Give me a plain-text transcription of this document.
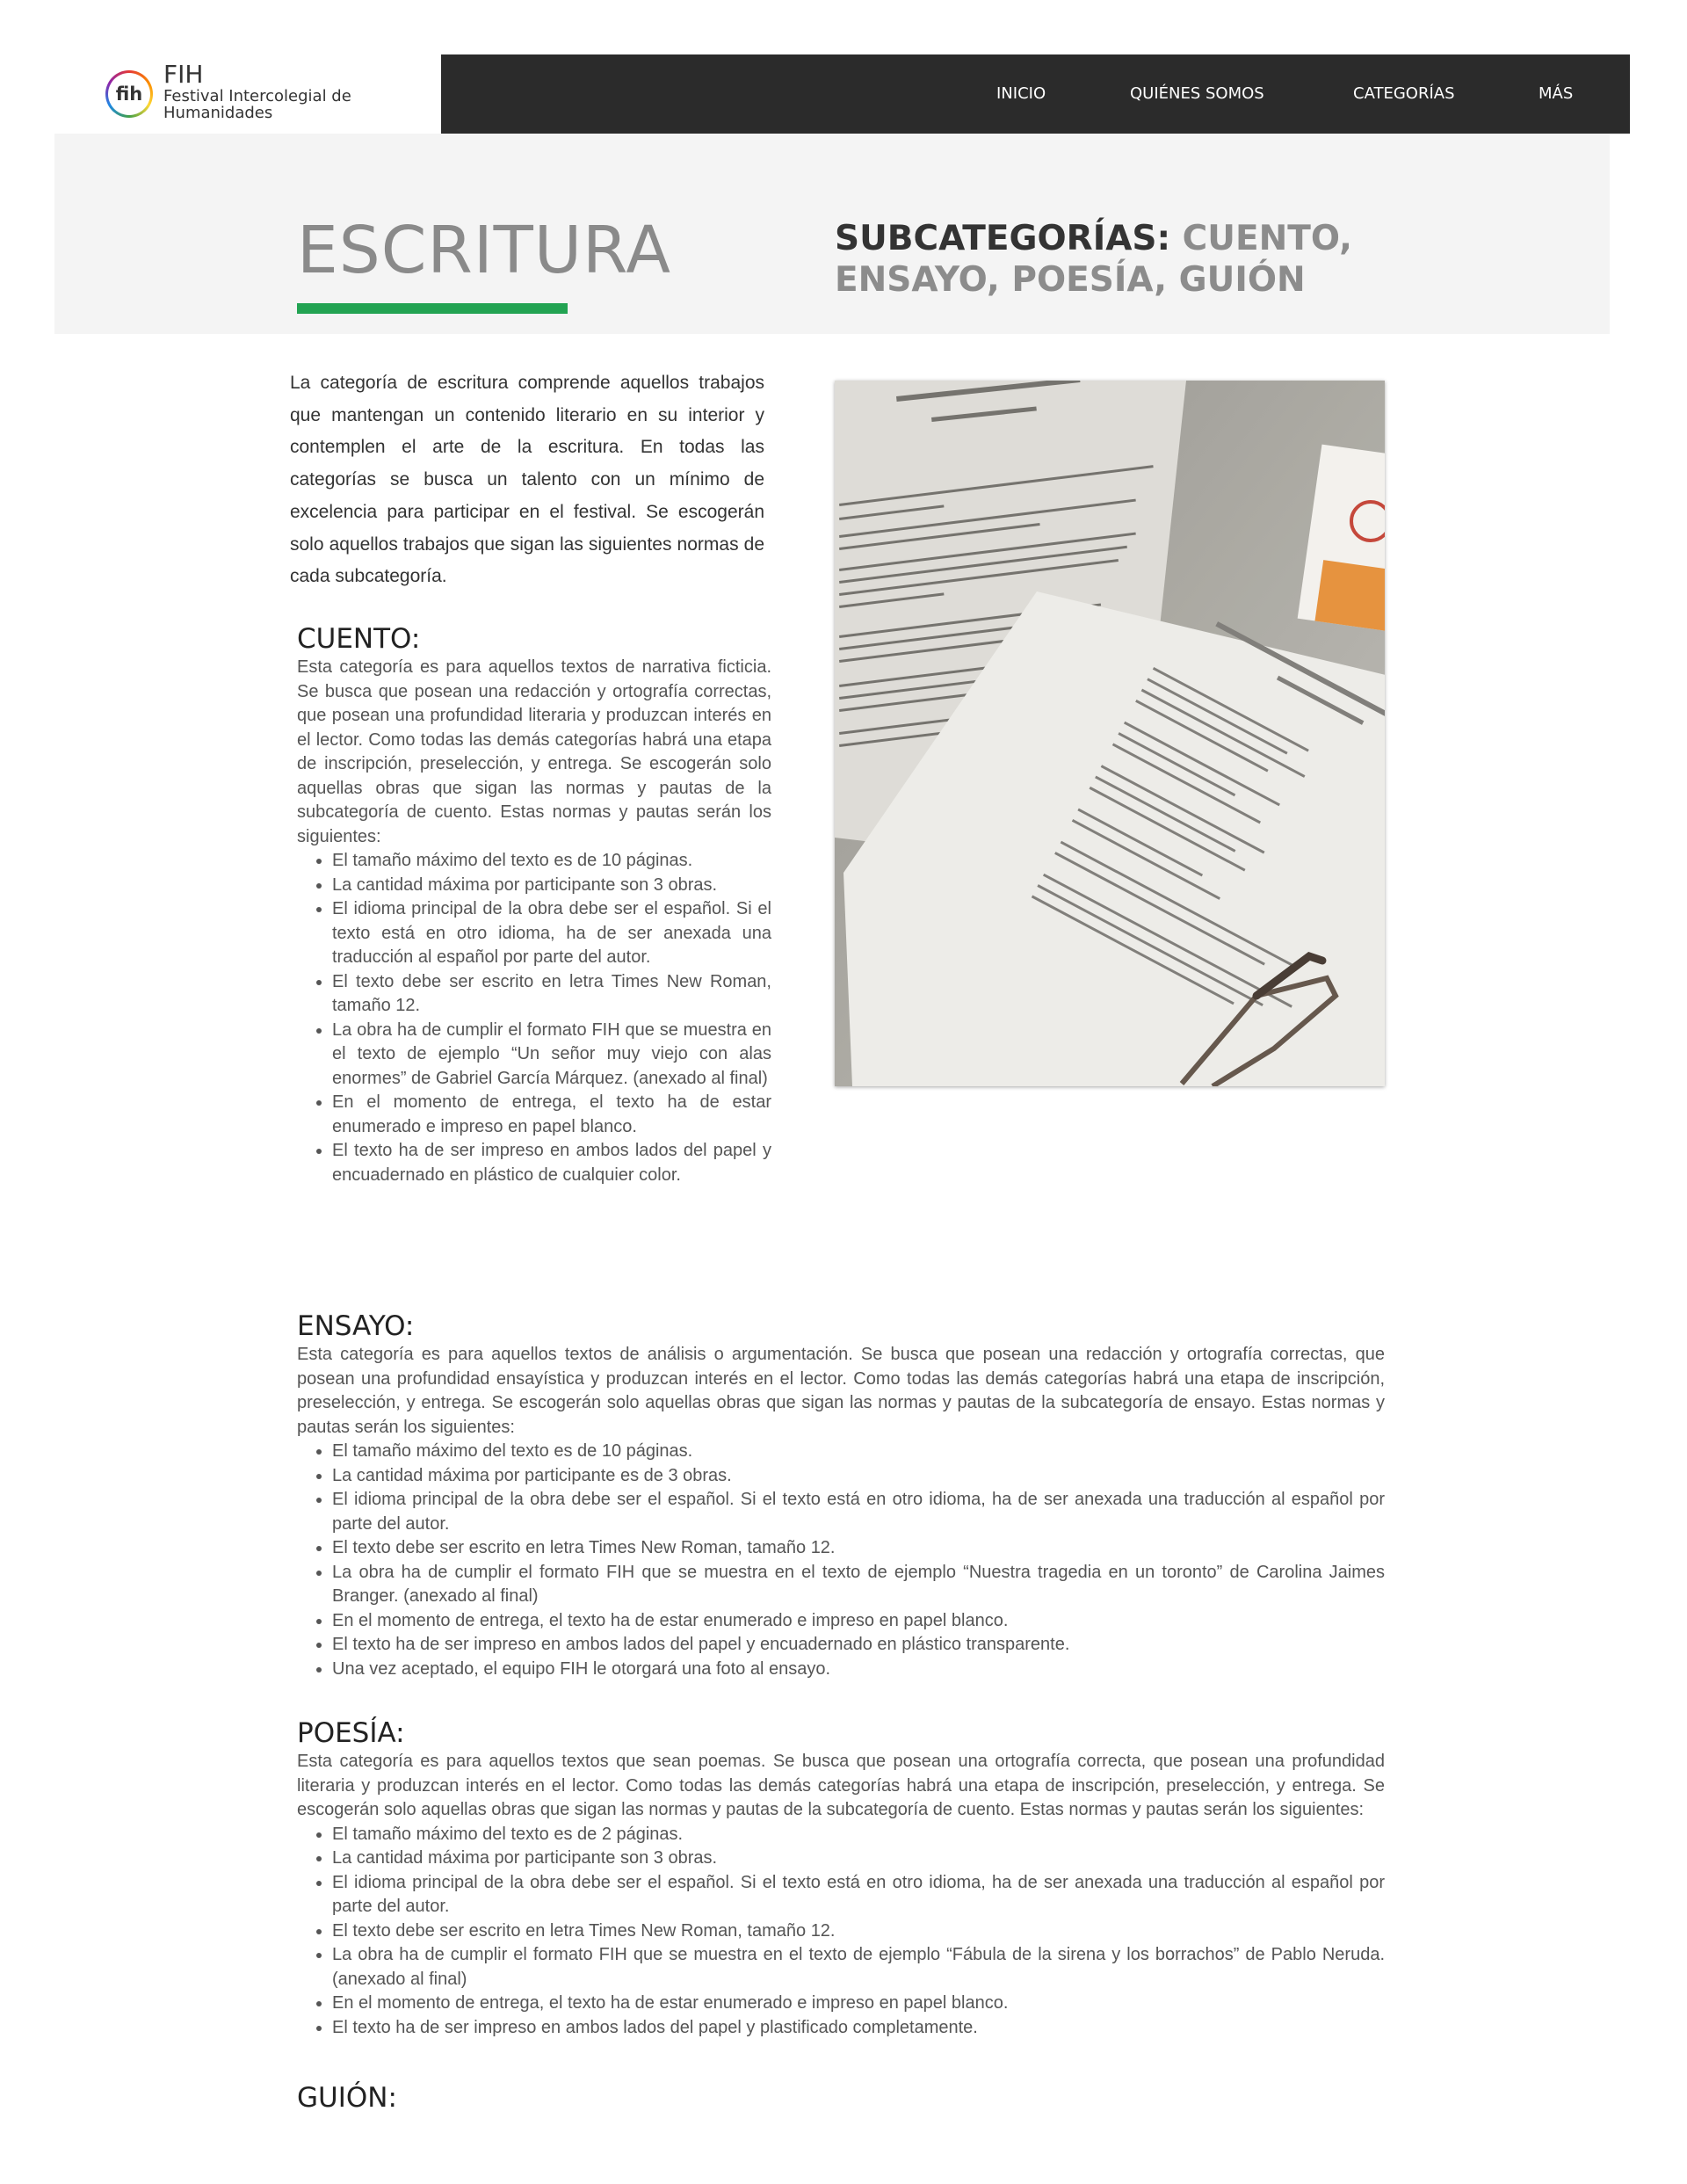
fih
FIH
Festival Intercolegial de
Humanidades
INICIO	QUIÉNES SOMOS	CATEGORÍAS	MÁS
ESCRITURA	SUBCATEGORÍAS: CUENTO, ENSAYO, POESÍA, GUIÓN

La categoría de escritura comprende aquellos trabajos que mantengan un contenido literario en su interior y contemplen el arte de la escritura. En todas las categorías se busca un talento con un mínimo de excelencia para participar en el festival. Se escogerán solo aquellos trabajos que sigan las siguientes normas de cada subcategoría.

CUENTO:

Esta categoría es para aquellos textos de narrativa ficticia. Se busca que posean una redacción y ortografía correctas, que posean una profundidad literaria y produzcan interés en el lector. Como todas las demás categorías habrá una etapa de inscripción, preselección, y entrega. Se escogerán solo aquellas obras que sigan las normas y pautas de la subcategoría de cuento. Estas normas y pautas serán los siguientes:

• El tamaño máximo del texto es de 10 páginas.
• La cantidad máxima por participante son 3 obras.
• El idioma principal de la obra debe ser el español. Si el texto está en otro idioma, ha de ser anexada una traducción al español por parte del autor.
• El texto debe ser escrito en letra Times New Roman, tamaño 12.
• La obra ha de cumplir el formato FIH que se muestra en el texto de ejemplo “Un señor muy viejo con alas enormes” de Gabriel García Márquez. (anexado al final)
• En el momento de entrega, el texto ha de estar enumerado e impreso en papel blanco.
• El texto ha de ser impreso en ambos lados del papel y encuadernado en plástico de cualquier color.
ENSAYO:

Esta categoría es para aquellos textos de análisis o argumentación. Se busca que posean una redacción y ortografía correctas, que posean una profundidad ensayística y produzcan interés en el lector. Como todas las demás categorías habrá una etapa de inscripción, preselección, y entrega. Se escogerán solo aquellas obras que sigan las normas y pautas de la subcategoría de ensayo. Estas normas y pautas serán los siguientes:

• El tamaño máximo del texto es de 10 páginas.
• La cantidad máxima por participante es de 3 obras.
• El idioma principal de la obra debe ser el español. Si el texto está en otro idioma, ha de ser anexada una traducción al español por parte del autor.
• El texto debe ser escrito en letra Times New Roman, tamaño 12.
• La obra ha de cumplir el formato FIH que se muestra en el texto de ejemplo “Nuestra tragedia en un toronto” de Carolina Jaimes Branger. (anexado al final)
• En el momento de entrega, el texto ha de estar enumerado e impreso en papel blanco.
• El texto ha de ser impreso en ambos lados del papel y encuadernado en plástico transparente.
• Una vez aceptado, el equipo FIH le otorgará una foto al ensayo.
POESÍA:

Esta categoría es para aquellos textos que sean poemas. Se busca que posean una ortografía correcta, que posean una profundidad literaria y produzcan interés en el lector. Como todas las demás categorías habrá una etapa de inscripción, preselección, y entrega. Se escogerán solo aquellas obras que sigan las normas y pautas de la subcategoría de cuento. Estas normas y pautas serán los siguientes:

• El tamaño máximo del texto es de 2 páginas.
• La cantidad máxima por participante son 3 obras.
• El idioma principal de la obra debe ser el español. Si el texto está en otro idioma, ha de ser anexada una traducción al español por parte del autor.
• El texto debe ser escrito en letra Times New Roman, tamaño 12.
• La obra ha de cumplir el formato FIH que se muestra en el texto de ejemplo “Fábula de la sirena y los borrachos” de Pablo Neruda. (anexado al final)
• En el momento de entrega, el texto ha de estar enumerado e impreso en papel blanco.
• El texto ha de ser impreso en ambos lados del papel y plastificado completamente.
GUIÓN:
